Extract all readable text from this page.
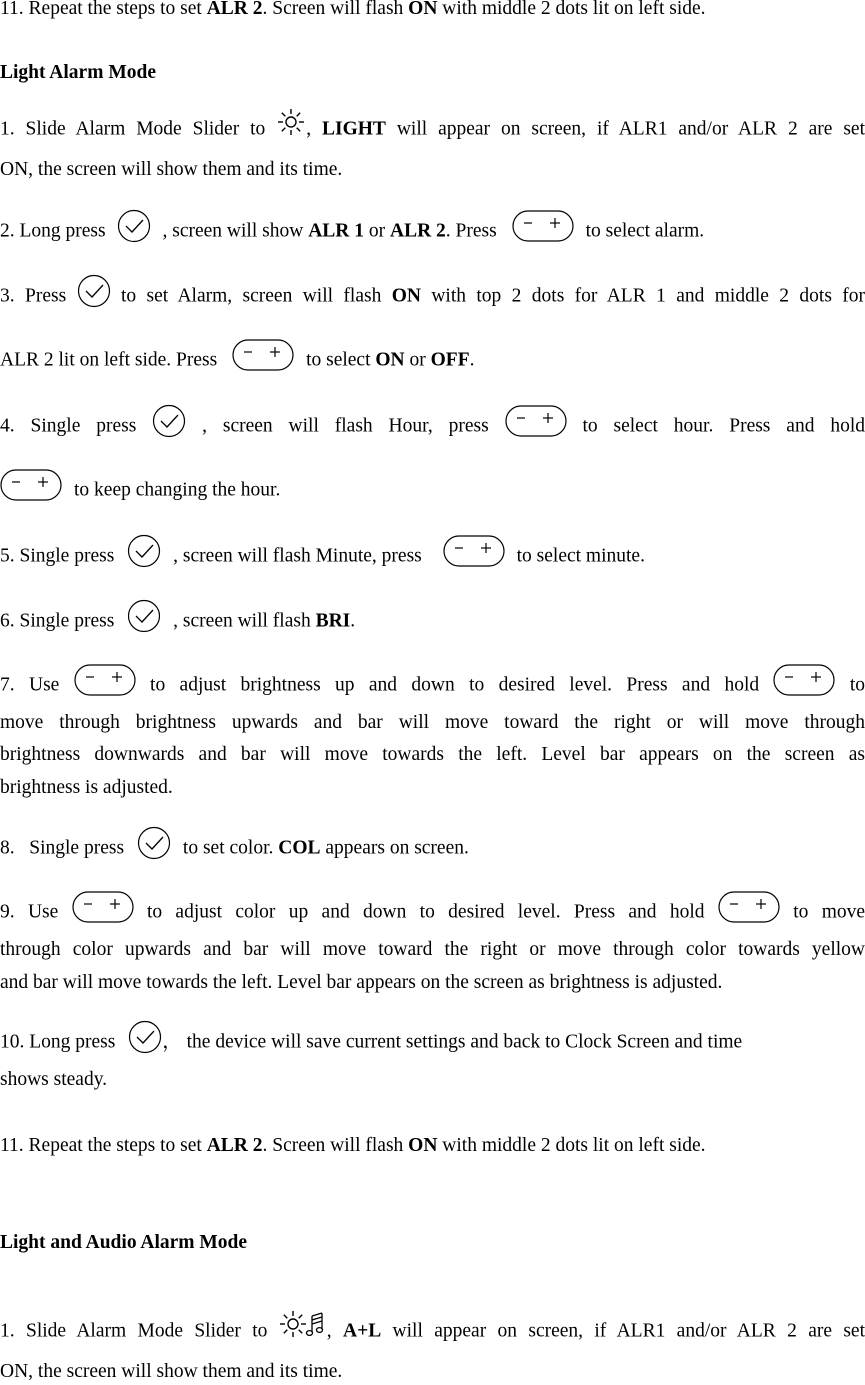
11. Repeat the steps to set ALR 2. Screen will flash ON with middle 2 dots lit on left side.
Light Alarm Mode
1. Slide Alarm Mode Slider to
, LIGHT will appear on screen, if ALR1 and/or ALR 2 are set
ON, the screen will show them and its time.
2. Long press	, screen will show ALR 1 or ALR 2. Press	to select alarm.
3. Press
to set Alarm, screen will flash ON with top 2 dots for ALR 1 and middle 2 dots for
ALR 2 lit on left side. Press	to select ON or OFF.
4. Single press	, screen will flash Hour, press	to select hour. Press and hold
to keep changing the hour.
5. Single press	, screen will flash Minute, press	to select minute.
6. Single press	, screen will flash BRI.
7. Use	to adjust brightness up and down to desired level. Press and hold	to
move through brightness upwards and bar will move toward the right or will move through
brightness downwards and bar will move towards the left. Level bar appears on the screen as
brightness is adjusted.
8.   Single press	to set color. COL appears on screen.
9. Use	to adjust color up and down to desired level. Press and hold	to move
through color upwards and bar will move toward the right or move through color towards yellow
and bar will move towards the left. Level bar appears on the screen as brightness is adjusted.
10. Long press
， the device will save current settings and back to Clock Screen and time
shows steady.
11. Repeat the steps to set ALR 2. Screen will flash ON with middle 2 dots lit on left side.
Light and Audio Alarm Mode
1. Slide Alarm Mode Slider to
, A+L will appear on screen, if ALR1 and/or ALR 2 are set
ON, the screen will show them and its time.
